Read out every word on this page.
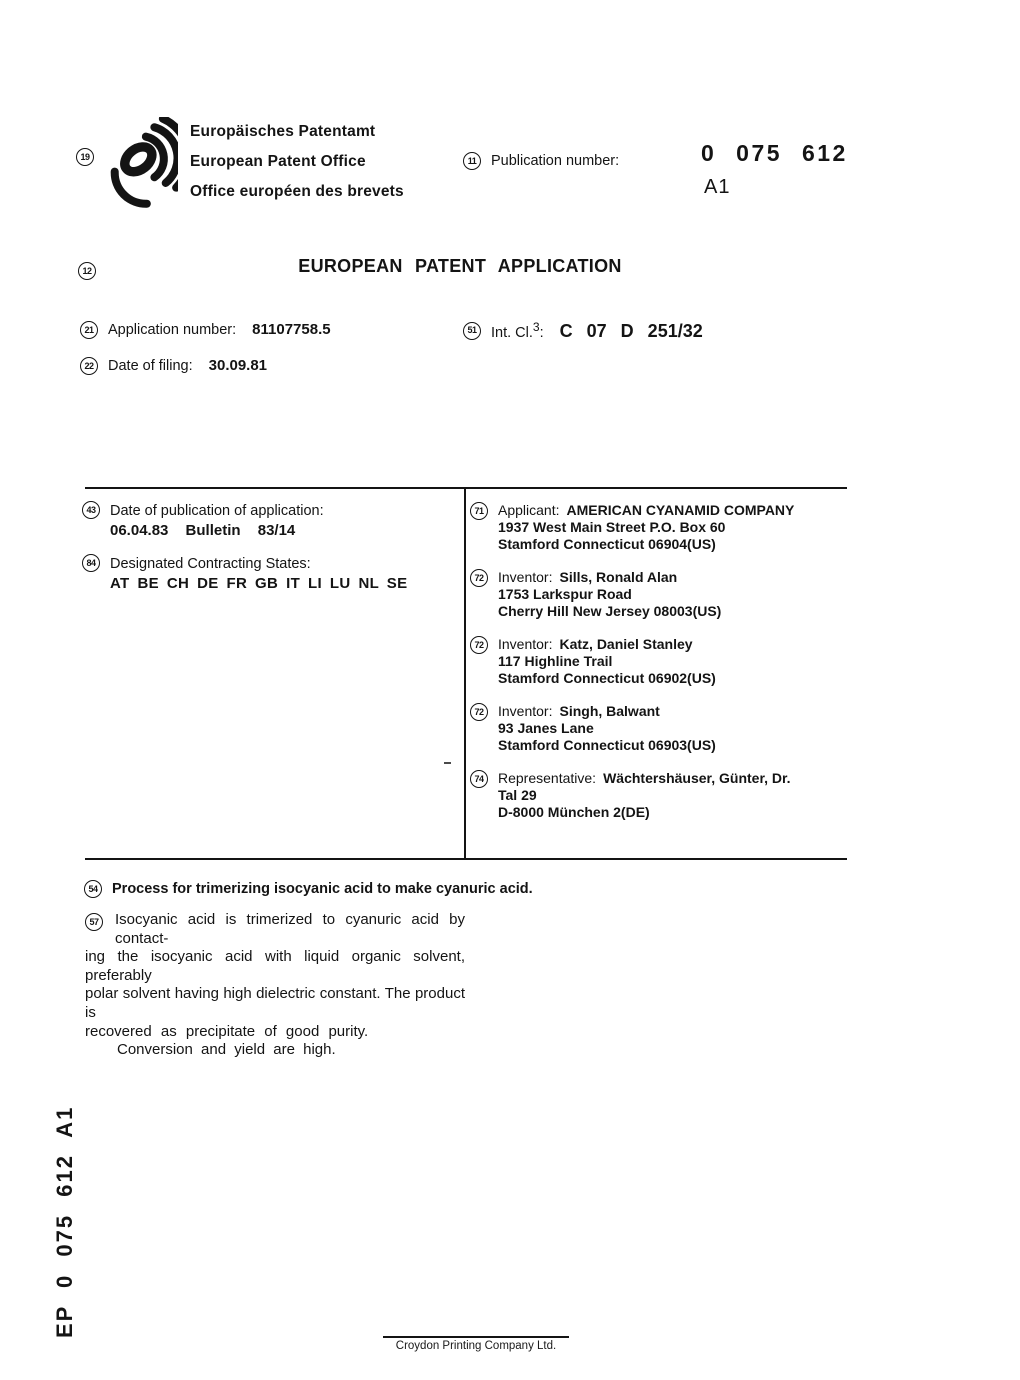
19
Europäisches Patentamt
European Patent Office
Office européen des brevets
11	Publication number:	0 075 612
A1
12	EUROPEAN PATENT APPLICATION
21	Application number: 81107758.5
22	Date of filing: 30.09.81
51	Int. Cl.$^3$: C 07 D 251/32
43	Date of publication of application:
06.04.83 Bulletin 83/14
84	Designated Contracting States:
AT BE CH DE FR GB IT LI LU NL SE
71	Applicant: AMERICAN CYANAMID COMPANY
1937 West Main Street P.O. Box 60
Stamford Connecticut 06904(US)
72	Inventor: Sills, Ronald Alan
1753 Larkspur Road
Cherry Hill New Jersey 08003(US)
72	Inventor: Katz, Daniel Stanley
117 Highline Trail
Stamford Connecticut 06902(US)
72	Inventor: Singh, Balwant
93 Janes Lane
Stamford Connecticut 06903(US)
74	Representative: Wächtershäuser, Günter, Dr.
Tal 29
D-8000 München 2(DE)
54	Process for trimerizing isocyanic acid to make cyanuric acid.
57	Isocyanic acid is trimerized to cyanuric acid by contact-
ing the isocyanic acid with liquid organic solvent, preferably
polar solvent having high dielectric constant. The product is
recovered as precipitate of good purity.
Conversion and yield are high.
EP 0 075 612 A1
Croydon Printing Company Ltd.
